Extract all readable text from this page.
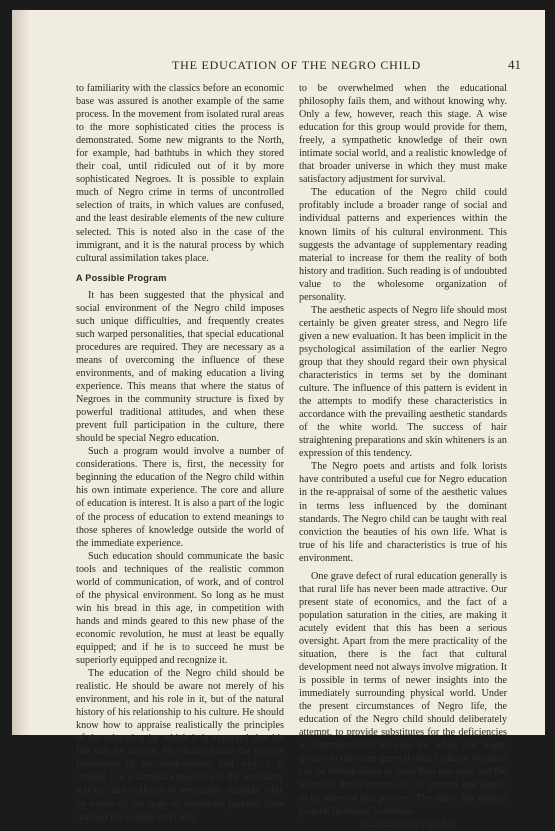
THE EDUCATION OF THE NEGRO CHILD	41

to familiarity with the classics before an economic base was assured is another example of the same process. In the movement from isolated rural areas to the more sophisticated cities the process is demonstrated. Some new migrants to the North, for example, had bathtubs in which they stored their coal, until ridiculed out of it by more sophisticated Negroes. It is possible to explain much of Negro crime in terms of uncontrolled selection of traits, in which values are confused, and the least desirable elements of the new culture selected. This is noted also in the case of the immigrant, and it is the natural process by which cultural assimilation takes place.

A Possible Program

It has been suggested that the physical and social environment of the Negro child imposes such unique difficulties, and frequently creates such warped personalities, that special educational procedures are required. They are necessary as a means of overcoming the influence of these environments, and of making education a living experience. This means that where the status of Negroes in the community structure is fixed by powerful traditional attitudes, and when these prevent full participation in the culture, there should be special Negro education.

Such a program would involve a number of considerations. There is, first, the necessity for beginning the education of the Negro child within his own intimate experience. The core and allure of education is interest. It is also a part of the logic of the process of education to extend meanings to those spheres of knowledge outside the world of the immediate experience.

Such education should communicate the basic tools and techniques of the realistic common world of communication, of work, and of control of the physical environment. So long as he must win his bread in this age, in competition with hands and minds geared to this new phase of the economic revolution, he must at least be equally equipped; and if he is to succeed he must be superiorly equipped and recognize it.

The education of the Negro child should be realistic. He should be aware not merely of his environment, and his role in it, but of the natural history of his relationship to his culture. He should know how to appraise realistically the principles of the education by which it is expected that his life will be shaped. He should know the present limitations of his environment and why it is limited. It is a familiar experience in the secondary schools and colleges to encounter students who, by virtue of the urge of ambitious parents, have reached the college level only

to be overwhelmed when the educational philosophy fails them, and without knowing why. Only a few, however, reach this stage. A wise education for this group would provide for them, freely, a sympathetic knowledge of their own intimate social world, and a realistic knowledge of that broader universe in which they must make satisfactory adjustment for survival.

The education of the Negro child could profitably include a broader range of social and individual patterns and experiences within the known limits of his cultural environment. This suggests the advantage of supplementary reading material to increase for them the reality of both history and tradition. Such reading is of undoubted value to the wholesome organization of personality.

The aesthetic aspects of Negro life should most certainly be given greater stress, and Negro life given a new evaluation. It has been implicit in the psychological assimilation of the earlier Negro group that they should regard their own physical characteristics in terms set by the dominant culture. The influence of this pattern is evident in the attempts to modify these characteristics in accordance with the prevailing aesthetic standards of the white world. The success of hair straightening preparations and skin whiteners is an expression of this tendency.

The Negro poets and artists and folk lorists have contributed a useful cue for Negro education in the re-appraisal of some of the aesthetic values in terms less influenced by the dominant standards. The Negro child can be taught with real conviction the beauties of his own life. What is true of his life and characteristics is true of his environment.

One grave defect of rural education generally is that rural life has never been made attractive. Our present state of economics, and the fact of a population saturation in the cities, are making it acutely evident that this has been a serious oversight. Apart from the mere practicality of the situation, there is the fact that cultural development need not always involve migration. It is possible in terms of newer insights into the immediately surrounding physical world. Under the present circumstances of Negro life, the education of the Negro child should deliberately attempt, to provide substitutes for the deficiencies in communication between the white and Negro groups in the same general area. Cultural isolation can be broken down in more than one way, and the technical developments of the present age appear to be allies of this process. The radio, the motion picture, increased communi-

(Continued on Page 61)
